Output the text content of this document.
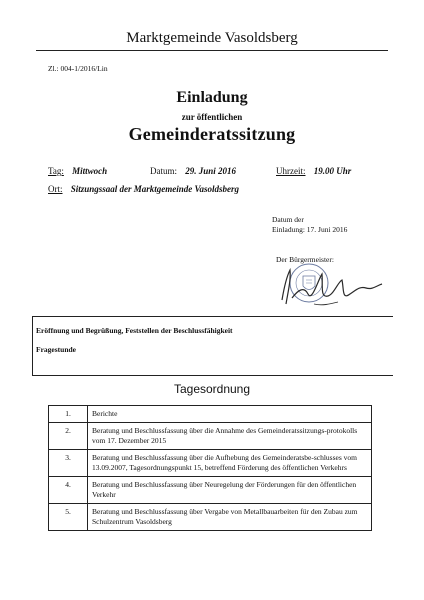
Marktgemeinde Vasoldsberg
Zl.: 004-1/2016/Lin
Einladung
zur öffentlichen
Gemeinderatssitzung
Tag: Mittwoch	Datum: 29. Juni 2016	Uhrzeit: 19.00 Uhr
Ort: Sitzungssaal der Marktgemeinde Vasoldsberg
Datum der
Einladung: 17. Juni 2016
Der Bürgermeister:
Eröffnung und Begrüßung, Feststellen der Beschlussfähigkeit
Fragestunde
Tagesordnung
1.	Berichte
2.	Beratung und Beschlussfassung über die Annahme des Gemeinderatssitzungs-protokolls vom 17. Dezember 2015
3.	Beratung und Beschlussfassung über die Aufhebung des Gemeinderatsbe-schlusses vom 13.09.2007, Tagesordnungspunkt 15, betreffend Förderung des öffentlichen Verkehrs
4.	Beratung und Beschlussfassung über Neuregelung der Förderungen für den öffentlichen Verkehr
5.	Beratung und Beschlussfassung über Vergabe von Metallbauarbeiten für den Zubau zum Schulzentrum Vasoldsberg
